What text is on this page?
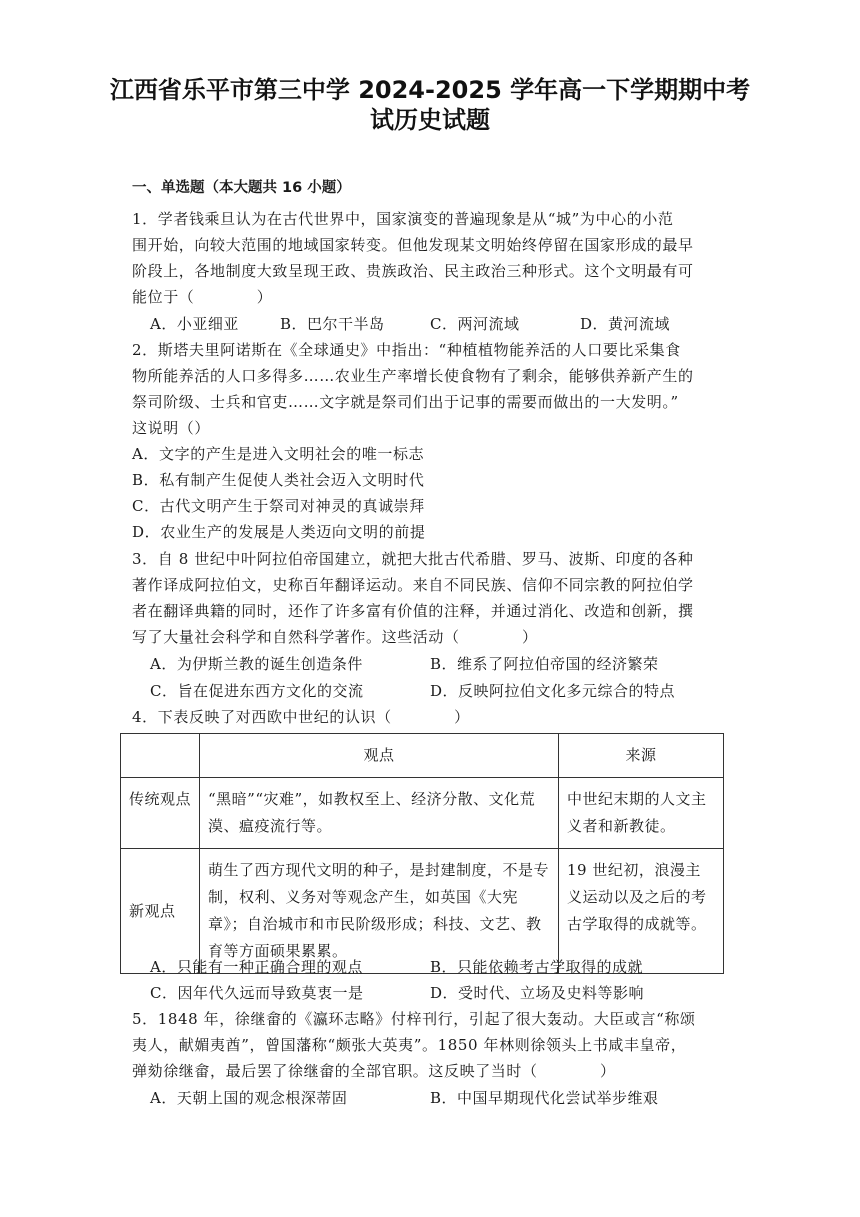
江西省乐平市第三中学 2024-2025 学年高一下学期期中考
试历史试题
一、单选题（本大题共 16 小题）
1．学者钱乘旦认为在古代世界中，国家演变的普遍现象是从“城”为中心的小范
围开始，向较大范围的地域国家转变。但他发现某文明始终停留在国家形成的最早
阶段上，各地制度大致呈现王政、贵族政治、民主政治三种形式。这个文明最有可
能位于（　　　　）
A．小亚细亚	B．巴尔干半岛	C．两河流域	D．黄河流域
2．斯塔夫里阿诺斯在《全球通史》中指出：“种植植物能养活的人口要比采集食
物所能养活的人口多得多……农业生产率增长使食物有了剩余，能够供养新产生的
祭司阶级、士兵和官吏……文字就是祭司们出于记事的需要而做出的一大发明。”
这说明（）
A．文字的产生是进入文明社会的唯一标志
B．私有制产生促使人类社会迈入文明时代
C．古代文明产生于祭司对神灵的真诚崇拜
D．农业生产的发展是人类迈向文明的前提
3．自 8 世纪中叶阿拉伯帝国建立，就把大批古代希腊、罗马、波斯、印度的各种
著作译成阿拉伯文，史称百年翻译运动。来自不同民族、信仰不同宗教的阿拉伯学
者在翻译典籍的同时，还作了许多富有价值的注释，并通过消化、改造和创新，撰
写了大量社会科学和自然科学著作。这些活动（　　　　）
A．为伊斯兰教的诞生创造条件	B．维系了阿拉伯帝国的经济繁荣
C．旨在促进东西方文化的交流	D．反映阿拉伯文化多元综合的特点
4．下表反映了对西欧中世纪的认识（　　　　）
	观点	来源
传统观点	“黑暗”“灾难”，如教权至上、经济分散、文化荒漠、瘟疫流行等。	中世纪末期的人文主义者和新教徒。
新观点	萌生了西方现代文明的种子，是封建制度，不是专制，权利、义务对等观念产生，如英国《大宪章》；自治城市和市民阶级形成；科技、文艺、教育等方面硕果累累。	19 世纪初，浪漫主义运动以及之后的考古学取得的成就等。
A．只能有一种正确合理的观点	B．只能依赖考古学取得的成就
C．因年代久远而导致莫衷一是	D．受时代、立场及史料等影响
5．1848 年，徐继畲的《瀛环志略》付梓刊行，引起了很大轰动。大臣或言“称颂
夷人，献媚夷酋”，曾国藩称“颇张大英夷”。1850 年林则徐领头上书咸丰皇帝，
弹劾徐继畲，最后罢了徐继畲的全部官职。这反映了当时（　　　　）
A．天朝上国的观念根深蒂固	B．中国早期现代化尝试举步维艰
